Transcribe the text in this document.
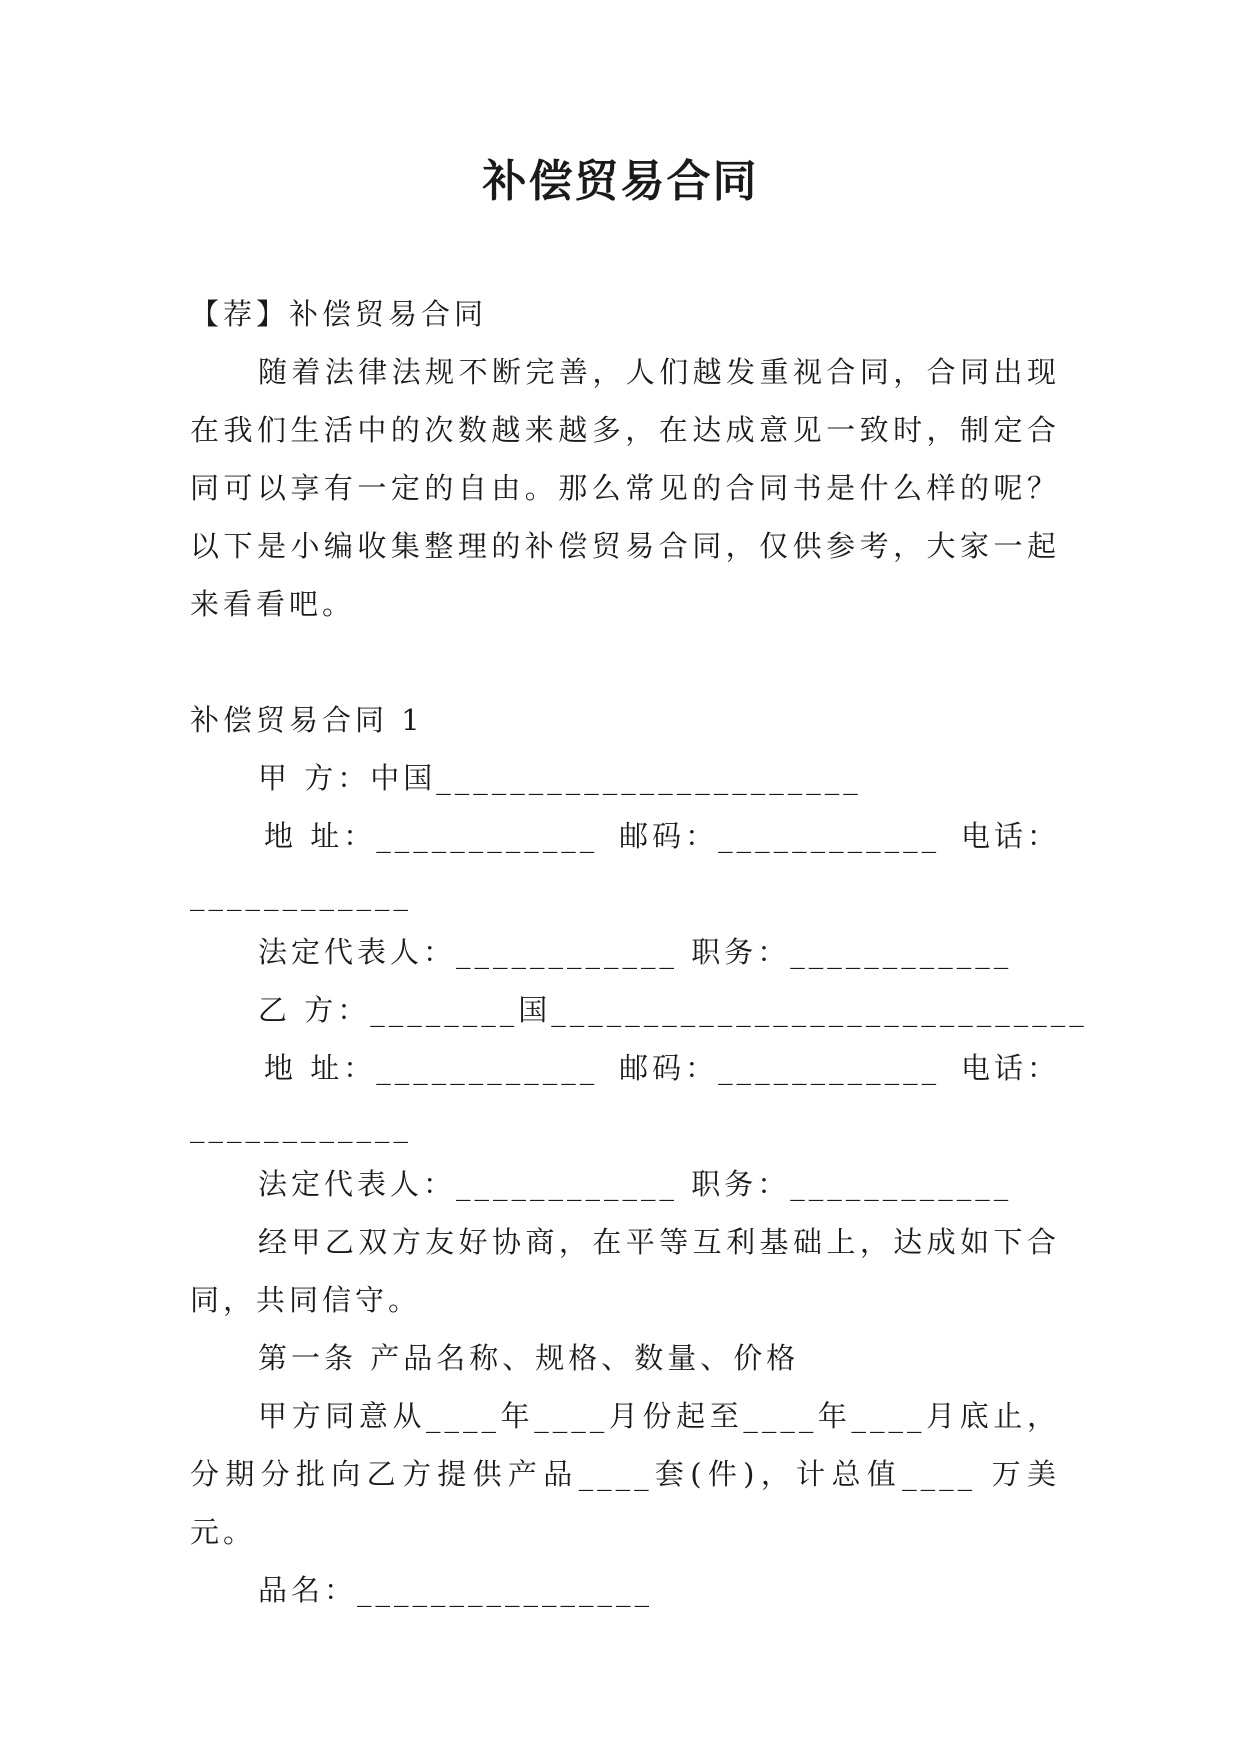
补偿贸易合同
【荐】补偿贸易合同
随着法律法规不断完善，人们越发重视合同，合同出现在我们生活中的次数越来越多，在达成意见一致时，制定合同可以享有一定的自由。那么常见的合同书是什么样的呢？以下是小编收集整理的补偿贸易合同，仅供参考，大家一起来看看吧。
补偿贸易合同 1
甲 方：中国_______________________
地 址：____________ 邮码：____________ 电话：
____________
法定代表人：____________ 职务：____________
乙 方：________国_____________________________
地 址：____________ 邮码：____________ 电话：
____________
法定代表人：____________ 职务：____________
经甲乙双方友好协商，在平等互利基础上，达成如下合同，共同信守。
第一条 产品名称、规格、数量、价格
甲方同意从____年____月份起至____年____月底止，分期分批向乙方提供产品____套(件)，计总值____ 万美元。
品名：________________
